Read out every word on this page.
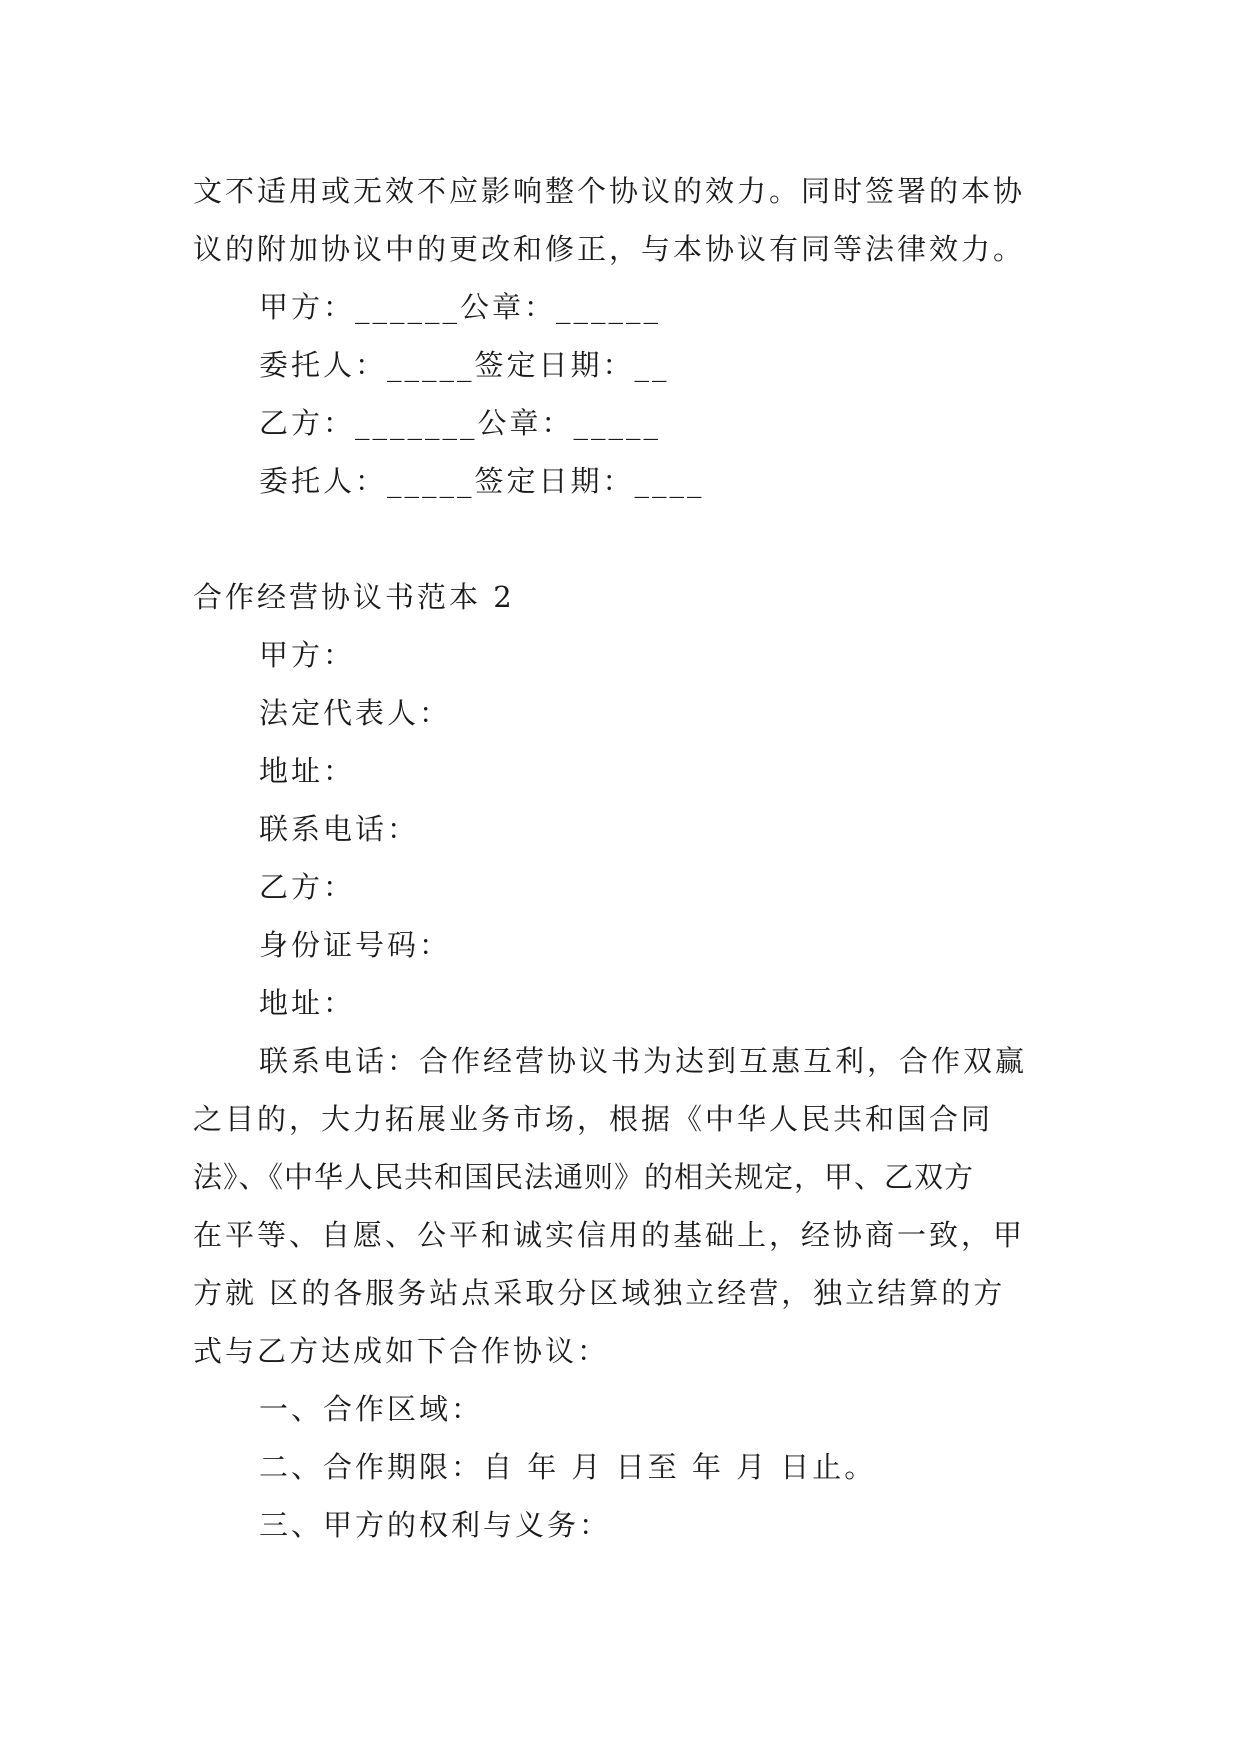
文不适用或无效不应影响整个协议的效力。同时签署的本协
议的附加协议中的更改和修正，与本协议有同等法律效力。
甲方：______公章：______
委托人：_____签定日期：__
乙方：_______公章：_____
委托人：_____签定日期：____
合作经营协议书范本 2
甲方：
法定代表人：
地址：
联系电话：
乙方：
身份证号码：
地址：
联系电话：合作经营协议书为达到互惠互利，合作双赢
之目的，大力拓展业务市场，根据《中华人民共和国合同
法》、《中华人民共和国民法通则》的相关规定，甲、乙双方
在平等、自愿、公平和诚实信用的基础上，经协商一致，甲
方就 区的各服务站点采取分区域独立经营，独立结算的方
式与乙方达成如下合作协议：
一、合作区域：
二、合作期限：自 年 月 日至 年 月 日止。
三、甲方的权利与义务：
